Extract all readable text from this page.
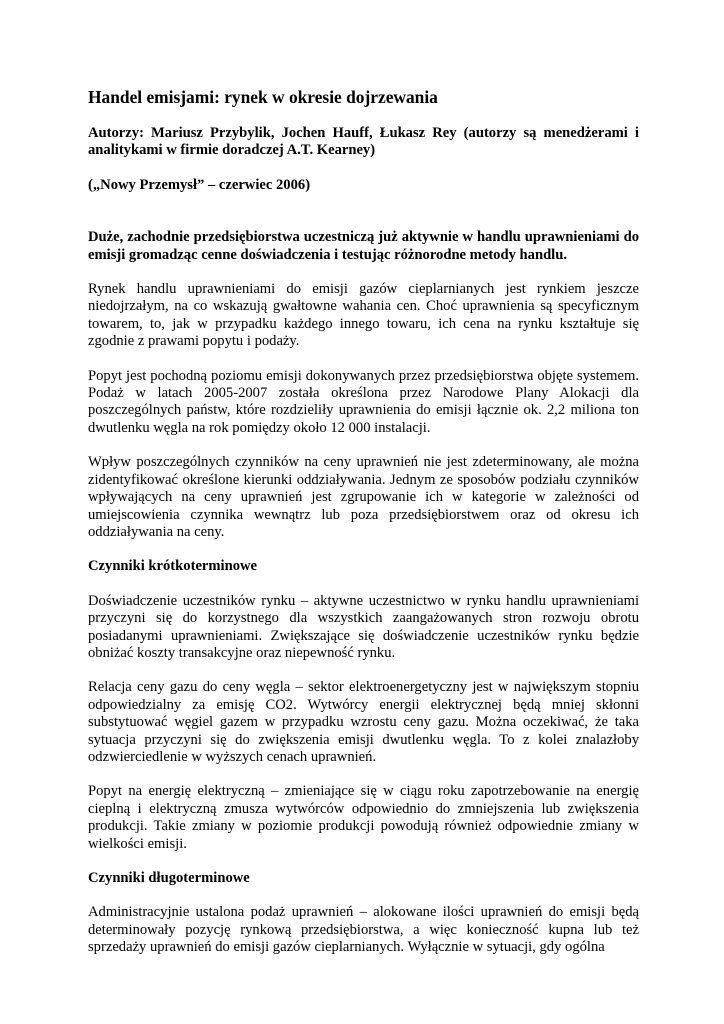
Handel emisjami: rynek w okresie dojrzewania

Autorzy: Mariusz Przybylik, Jochen Hauff, Łukasz Rey (autorzy są menedżerami i analitykami w firmie doradczej A.T. Kearney)

(„Nowy Przemysł” – czerwiec 2006)

Duże, zachodnie przedsiębiorstwa uczestniczą już aktywnie w handlu uprawnieniami do emisji gromadząc cenne doświadczenia i testując różnorodne metody handlu.

Rynek handlu uprawnieniami do emisji gazów cieplarnianych jest rynkiem jeszcze niedojrzałym, na co wskazują gwałtowne wahania cen. Choć uprawnienia są specyficznym towarem, to, jak w przypadku każdego innego towaru, ich cena na rynku kształtuje się zgodnie z prawami popytu i podaży.

Popyt jest pochodną poziomu emisji dokonywanych przez przedsiębiorstwa objęte systemem. Podaż w latach 2005-2007 została określona przez Narodowe Plany Alokacji dla poszczególnych państw, które rozdzieliły uprawnienia do emisji łącznie ok. 2,2 miliona ton dwutlenku węgla na rok pomiędzy około 12 000 instalacji.

Wpływ poszczególnych czynników na ceny uprawnień nie jest zdeterminowany, ale można zidentyfikować określone kierunki oddziaływania. Jednym ze sposobów podziału czynników wpływających na ceny uprawnień jest zgrupowanie ich w kategorie w zależności od umiejscowienia czynnika wewnątrz lub poza przedsiębiorstwem oraz od okresu ich oddziaływania na ceny.

Czynniki krótkoterminowe

Doświadczenie uczestników rynku – aktywne uczestnictwo w rynku handlu uprawnieniami przyczyni się do korzystnego dla wszystkich zaangażowanych stron rozwoju obrotu posiadanymi uprawnieniami. Zwiększające się doświadczenie uczestników rynku będzie obniżać koszty transakcyjne oraz niepewność rynku.

Relacja ceny gazu do ceny węgla – sektor elektroenergetyczny jest w największym stopniu odpowiedzialny za emisję CO2. Wytwórcy energii elektrycznej będą mniej skłonni substytuować węgiel gazem w przypadku wzrostu ceny gazu. Można oczekiwać, że taka sytuacja przyczyni się do zwiększenia emisji dwutlenku węgla. To z kolei znalazłoby odzwierciedlenie w wyższych cenach uprawnień.

Popyt na energię elektryczną – zmieniające się w ciągu roku zapotrzebowanie na energię cieplną i elektryczną zmusza wytwórców odpowiednio do zmniejszenia lub zwiększenia produkcji. Takie zmiany w poziomie produkcji powodują również odpowiednie zmiany w wielkości emisji.

Czynniki długoterminowe

Administracyjnie ustalona podaż uprawnień – alokowane ilości uprawnień do emisji będą determinowały pozycję rynkową przedsiębiorstwa, a więc konieczność kupna lub też sprzedaży uprawnień do emisji gazów cieplarnianych. Wyłącznie w sytuacji, gdy ogólna
